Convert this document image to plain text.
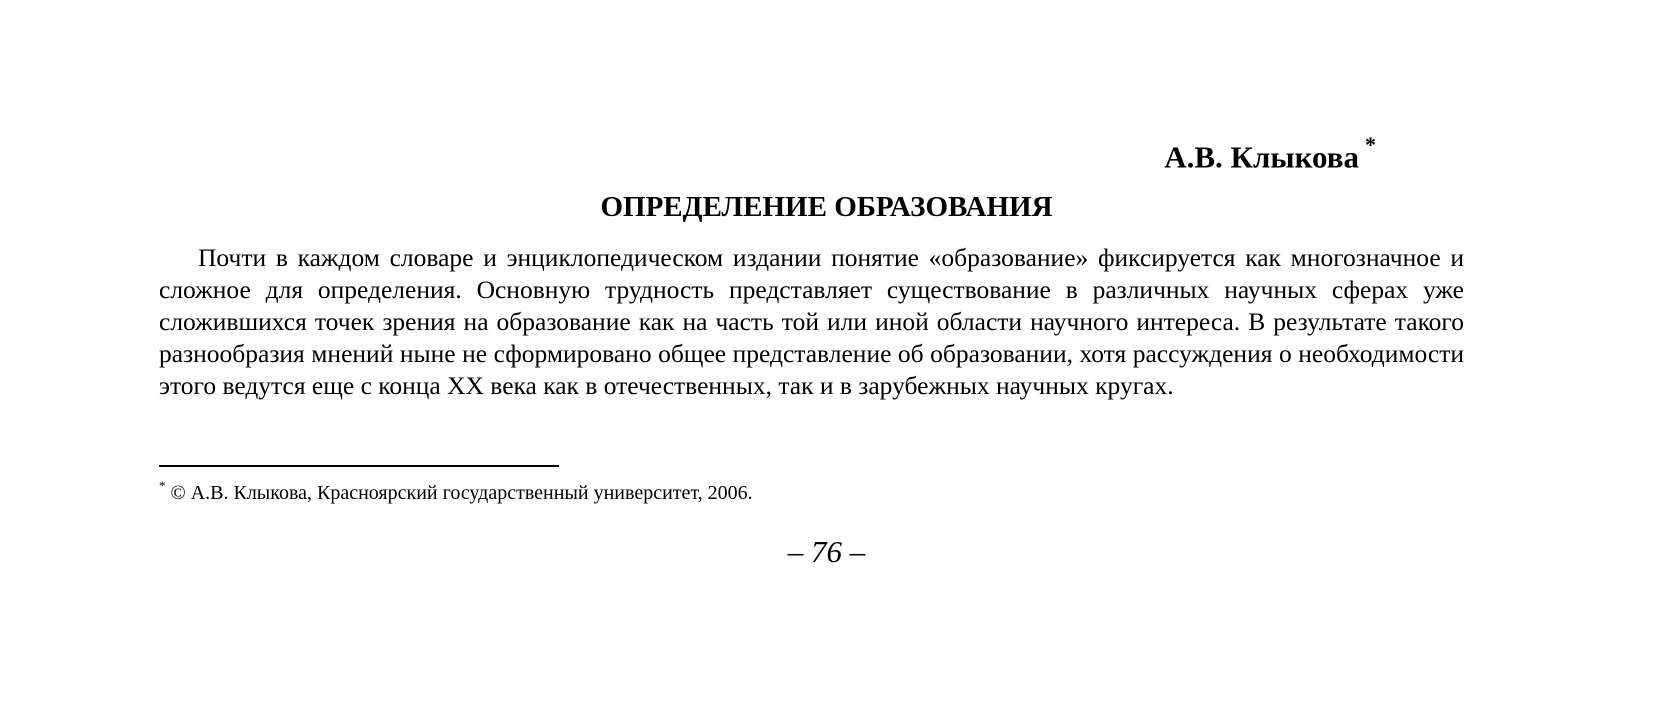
А.В. Клыкова *
ОПРЕДЕЛЕНИЕ ОБРАЗОВАНИЯ

Почти в каждом словаре и энциклопедическом издании понятие «образование» фиксируется как многозначное и сложное для определения. Основную трудность представляет существование в различных научных сферах уже сложившихся точек зрения на образование как на часть той или иной области научного интереса. В результате такого разнообразия мнений ныне не сформировано общее представление об образовании, хотя рассуждения о необходимости этого ведутся еще с конца XX века как в отечественных, так и в зарубежных научных кругах.

* © А.В. Клыкова, Красноярский государственный университет, 2006.
– 76 –
